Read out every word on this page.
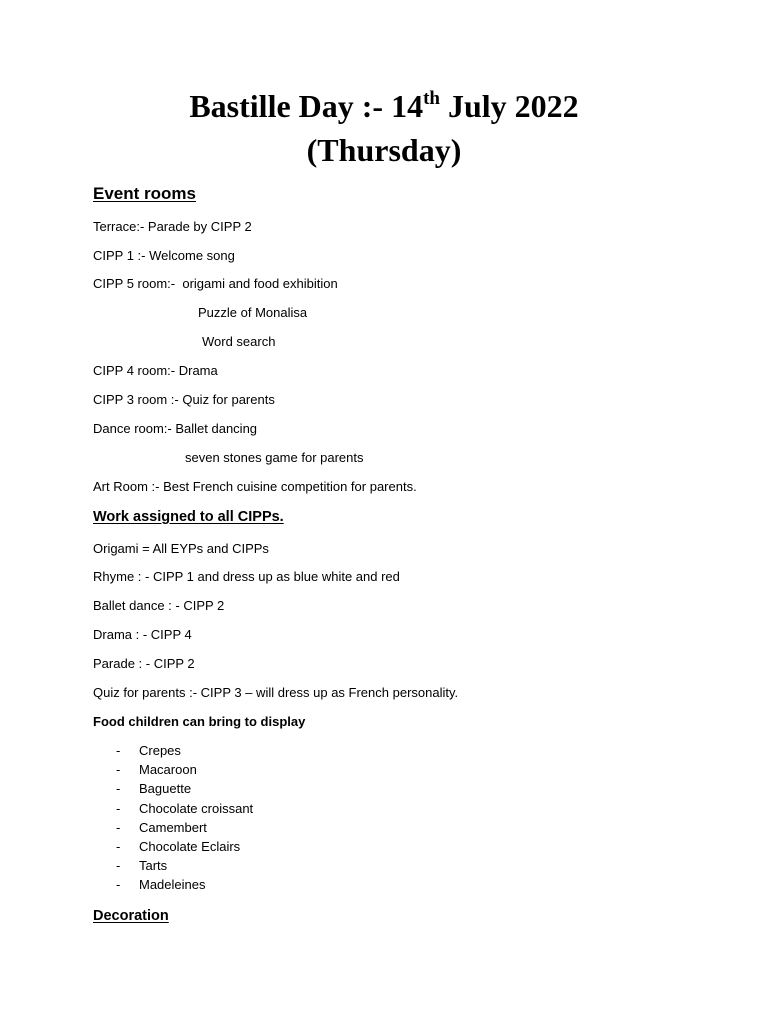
Bastille Day :- 14th July 2022
(Thursday)
Event rooms
Terrace:- Parade by CIPP 2
CIPP 1 :- Welcome song
CIPP 5 room:-  origami and food exhibition
Puzzle of Monalisa
Word search
CIPP 4 room:- Drama
CIPP 3 room :- Quiz for parents
Dance room:- Ballet dancing
seven stones game for parents
Art Room :- Best French cuisine competition for parents.
Work assigned to all CIPPs.
Origami = All EYPs and CIPPs
Rhyme : - CIPP 1 and dress up as blue white and red
Ballet dance : - CIPP 2
Drama : - CIPP 4
Parade : - CIPP 2
Quiz for parents :- CIPP 3 – will dress up as French personality.
Food children can bring to display
-	Crepes
-	Macaroon
-	Baguette
-	Chocolate croissant
-	Camembert
-	Chocolate Eclairs
-	Tarts
-	Madeleines
Decoration
